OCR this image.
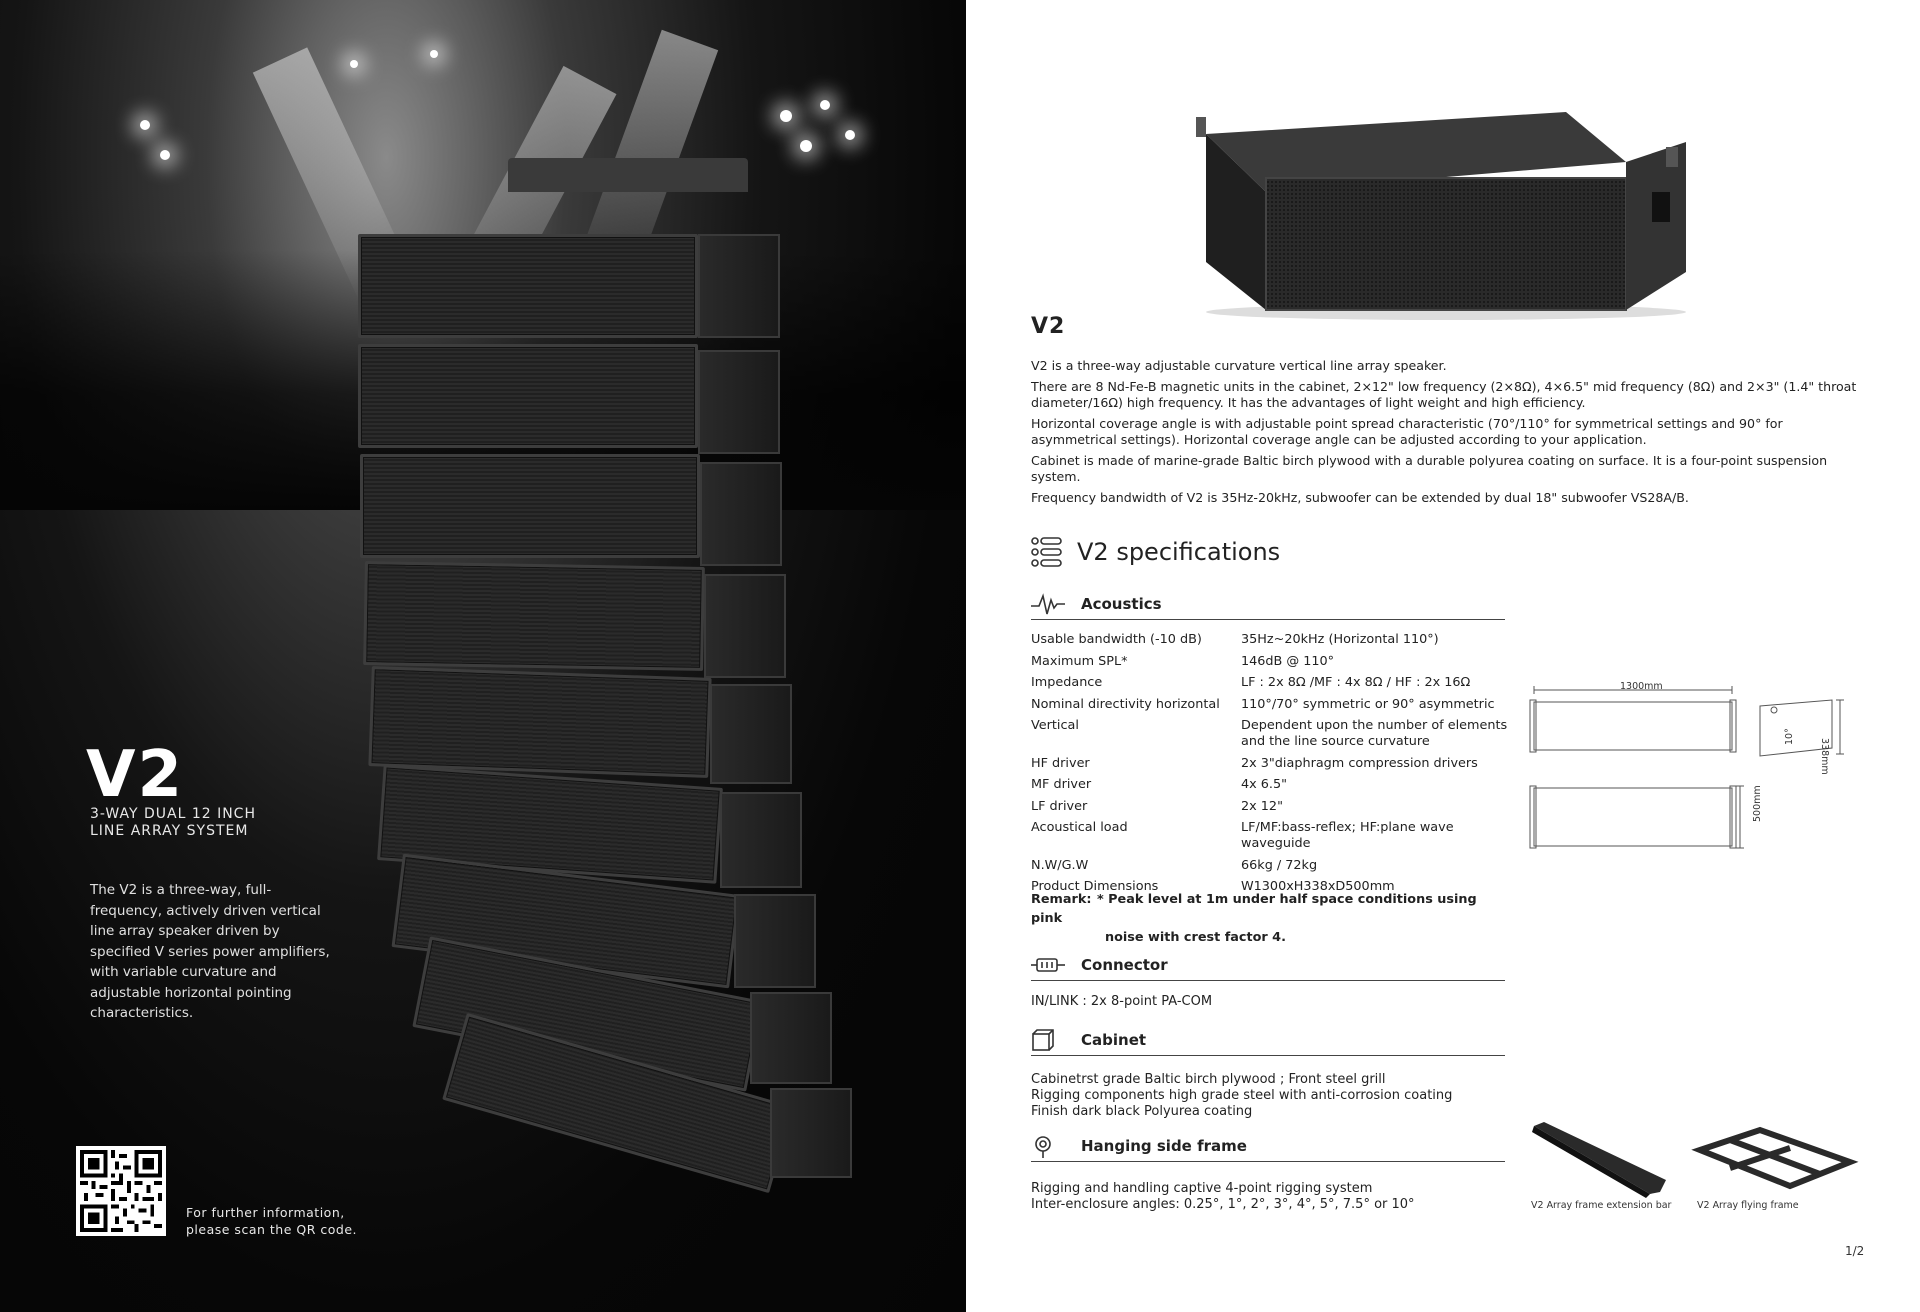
V2
3-WAY DUAL 12 INCH
LINE ARRAY SYSTEM
The V2 is a three-way, full-frequency, actively driven vertical line array speaker driven by specified V series power amplifiers, with variable curvature and adjustable horizontal pointing characteristics.
For further information,
please scan the QR code.
V2

V2 is a three-way adjustable curvature vertical line array speaker.

There are 8 Nd-Fe-B magnetic units in the cabinet, 2×12" low frequency (2×8Ω), 4×6.5" mid frequency (8Ω) and 2×3" (1.4" throat diameter/16Ω) high frequency. It has the advantages of light weight and high efficiency.

Horizontal coverage angle is with adjustable point spread characteristic (70°/110° for symmetrical settings and 90° for asymmetrical settings). Horizontal coverage angle can be adjusted according to your application.

Cabinet is made of marine-grade Baltic birch plywood with a durable polyurea coating on surface. It is a four-point suspension system.

Frequency bandwidth of V2 is 35Hz-20kHz, subwoofer can be extended by dual 18" subwoofer VS28A/B.

V2 specifications
Acoustics
Usable bandwidth (-10 dB)	35Hz~20kHz (Horizontal 110°)
Maximum SPL*	146dB @ 110°
Impedance	LF : 2x 8Ω /MF : 4x 8Ω / HF : 2x 16Ω
Nominal directivity horizontal	110°/70° symmetric or 90° asymmetric
Vertical	Dependent upon the number of elements and the line source curvature
HF driver	2x 3"diaphragm compression drivers
MF driver	4x 6.5"
LF driver	2x 12"
Acoustical load	LF/MF:bass-reflex; HF:plane wave waveguide
N.W/G.W	66kg / 72kg
Product Dimensions	W1300xH338xD500mm
Remark: * Peak level at 1m under half space conditions using pink
noise with crest factor 4.
Connector
IN/LINK : 2x 8-point PA-COM
Cabinet
Cabinetrst grade Baltic birch plywood ; Front steel grill
Rigging components high grade steel with anti-corrosion coating
Finish dark black Polyurea coating
Hanging side frame
Rigging and handling captive 4-point rigging system
Inter-enclosure angles: 0.25°, 1°, 2°, 3°, 4°, 5°, 7.5° or 10°
1300mm
338mm
500mm
10°
V2 Array frame extension bar	V2 Array flying frame
1/2
